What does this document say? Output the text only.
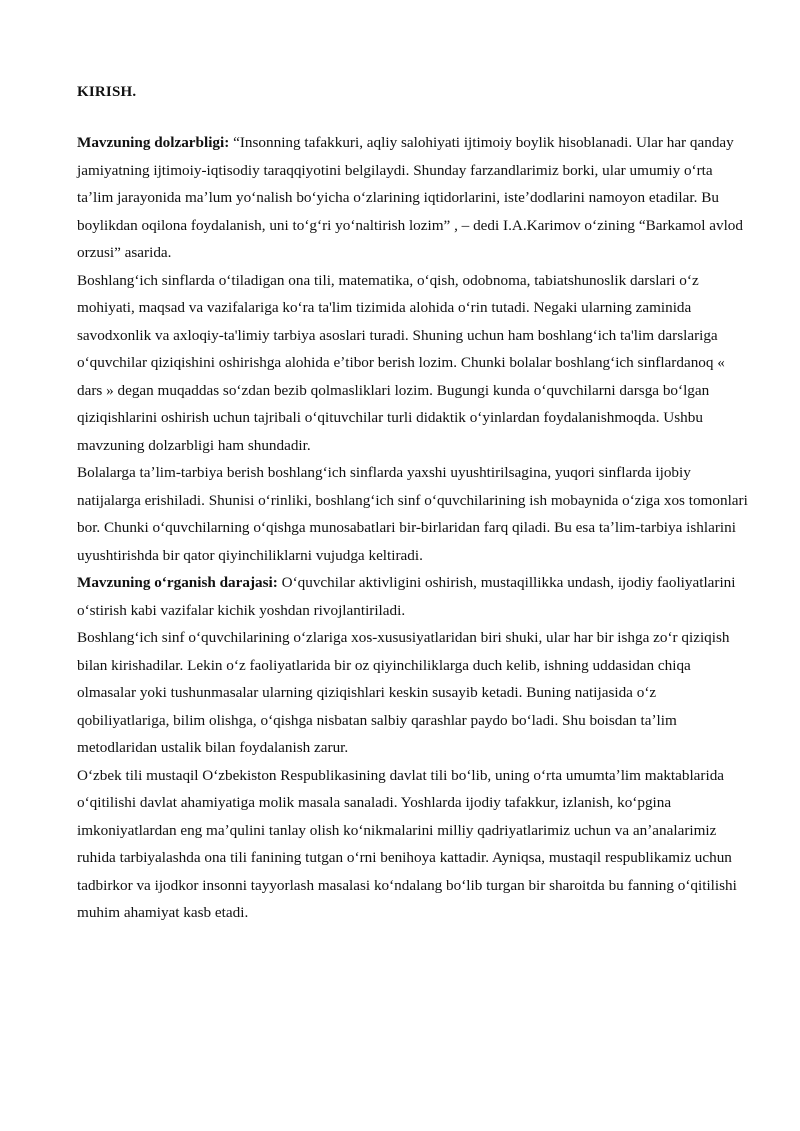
KIRISH.

Mavzuning dolzarbligi: “Insonning tafakkuri, aqliy salohiyati ijtimoiy boylik hisoblanadi. Ular har qanday jamiyatning ijtimoiy-iqtisodiy taraqqiyotini belgilaydi. Shunday farzandlarimiz borki, ular umumiy oʻrta taʼlim jarayonida maʼlum yoʻnalish boʻyicha oʻzlarining iqtidorlarini, isteʼdodlarini namoyon etadilar. Bu boylikdan oqilona foydalanish, uni toʻgʻri yoʻnaltirish lozim” , – dedi I.A.Karimov oʻzining “Barkamol avlod orzusi” asarida.

Boshlangʻich sinflarda oʻtiladigan ona tili, matematika, oʻqish, odobnoma, tabiatshunoslik darslari oʻz mohiyati, maqsad va vazifalariga koʻra ta'lim tizimida alohida oʻrin tutadi. Negaki ularning zaminida savodxonlik va axloqiy-ta'limiy tarbiya asoslari turadi. Shuning uchun ham boshlangʻich ta'lim darslariga oʻquvchilar qiziqishini oshirishga alohida eʼtibor berish lozim. Chunki bolalar boshlangʻich sinflardanoq « dars » degan muqaddas soʻzdan bezib qolmasliklari lozim. Bugungi kunda oʻquvchilarni darsga boʻlgan qiziqishlarini oshirish uchun tajribali oʻqituvchilar turli didaktik oʻyinlardan foydalanishmoqda. Ushbu mavzuning dolzarbligi ham shundadir.

Bolalarga taʼlim-tarbiya berish boshlangʻich sinflarda yaxshi uyushtirilsagina, yuqori sinflarda ijobiy natijalarga erishiladi. Shunisi oʻrinliki, boshlangʻich sinf oʻquvchilarining ish mobaynida oʻziga xos tomonlari bor. Chunki oʻquvchilarning oʻqishga munosabatlari bir-birlaridan farq qiladi. Bu esa taʼlim-tarbiya ishlarini uyushtirishda bir qator qiyinchiliklarni vujudga keltiradi.

Mavzuning oʻrganish darajasi: Oʻquvchilar aktivligini oshirish, mustaqillikka undash, ijodiy faoliyatlarini oʻstirish kabi vazifalar kichik yoshdan rivojlantiriladi.

Boshlangʻich sinf oʻquvchilarining oʻzlariga xos-xususiyatlaridan biri shuki, ular har bir ishga zoʻr qiziqish bilan kirishadilar. Lekin oʻz faoliyatlarida bir oz qiyinchiliklarga duch kelib, ishning uddasidan chiqa olmasalar yoki tushunmasalar ularning qiziqishlari keskin susayib ketadi. Buning natijasida oʻz qobiliyatlariga, bilim olishga, oʻqishga nisbatan salbiy qarashlar paydo boʻladi. Shu boisdan taʼlim metodlaridan ustalik bilan foydalanish zarur.

Oʻzbek tili mustaqil Oʻzbekiston Respublikasining davlat tili boʻlib, uning oʻrta umumtaʼlim maktablarida oʻqitilishi davlat ahamiyatiga molik masala sanaladi. Yoshlarda ijodiy tafakkur, izlanish, koʻpgina imkoniyatlardan eng maʼqulini tanlay olish koʻnikmalarini milliy qadriyatlarimiz uchun va anʼanalarimiz ruhida tarbiyalashda ona tili fanining tutgan oʻrni benihoya kattadir. Ayniqsa, mustaqil respublikamiz uchun tadbirkor va ijodkor insonni tayyorlash masalasi koʻndalang boʻlib turgan bir sharoitda bu fanning oʻqitilishi muhim ahamiyat kasb etadi.
